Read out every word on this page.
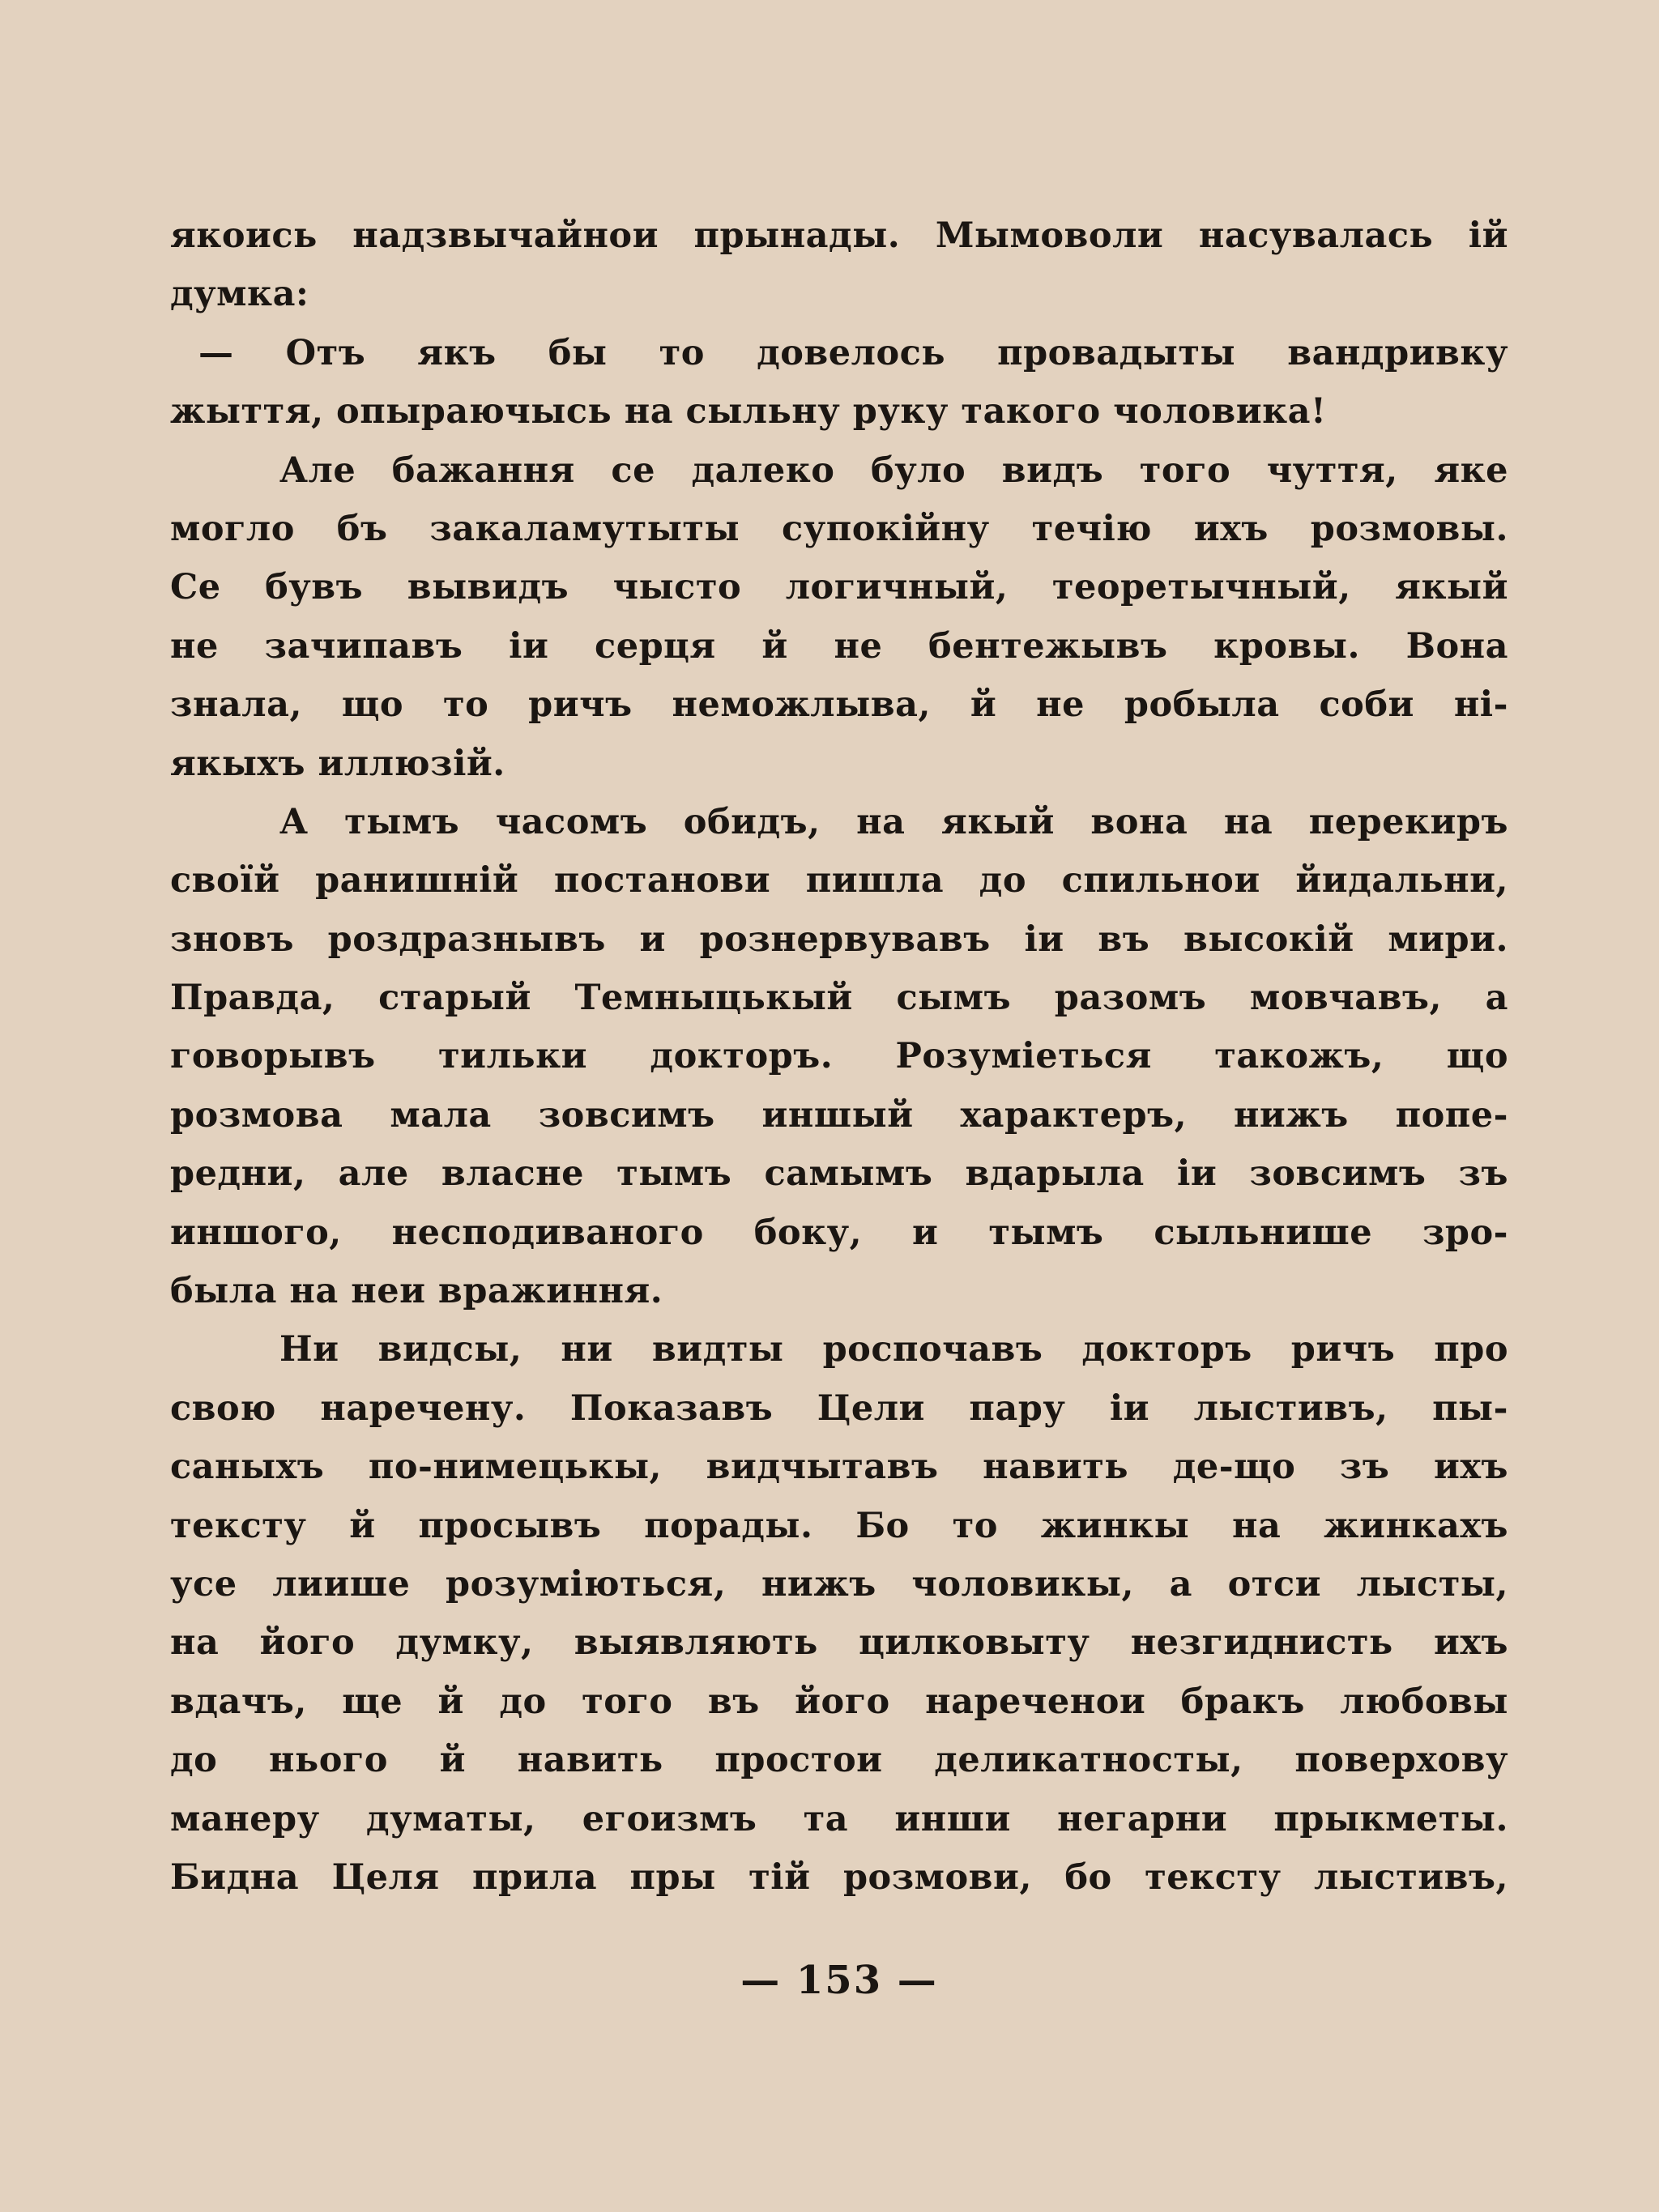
якоись надзвычайнои прынады. Мымоволи насувалась ій
думка:
— Отъ якъ бы то довелось провадыты вандривку
жыття, опыраючысь на сыльну руку такого чоловика!
Але бажання се далеко було видъ того чуття, яке
могло бъ закаламутыты супокійну течію ихъ розмовы.
Се бувъ вывидъ чысто логичный, теоретычный, якый
не зачипавъ іи серця й не бентежывъ кровы. Вона
знала, що то ричъ неможлыва, й не робыла соби ні-
якыхъ иллюзій.
А тымъ часомъ обидъ, на якый вона на перекиръ
своїй ранишній постанови пишла до спильнои йидальни,
зновъ роздразнывъ и рознервувавъ іи въ высокій мири.
Правда, старый Темныцькый сымъ разомъ мовчавъ, а
говорывъ тильки докторъ. Розуміеться такожъ, що
розмова мала зовсимъ иншый характеръ, нижъ попе-
редни, але власне тымъ самымъ вдарыла іи зовсимъ зъ
иншого, несподиваного боку, и тымъ сыльнише зро-
была на неи вражиння.
Ни видсы, ни видты роспочавъ докторъ ричъ про
свою наречену. Показавъ Цели пару іи лыстивъ, пы-
саныхъ по-нимецькы, видчытавъ навить де-що зъ ихъ
тексту й просывъ порады. Бо то жинкы на жинкахъ
усе лиише розуміються, нижъ чоловикы, а отси лысты,
на його думку, выявляють цилковыту незгиднисть ихъ
вдачъ, ще й до того въ його нареченои бракъ любовы
до нього й навить простои деликатносты, поверхову
манеру думаты, егоизмъ та инши негарни прыкметы.
Бидна Целя прила пры тій розмови, бо тексту лыстивъ,
— 153 —
